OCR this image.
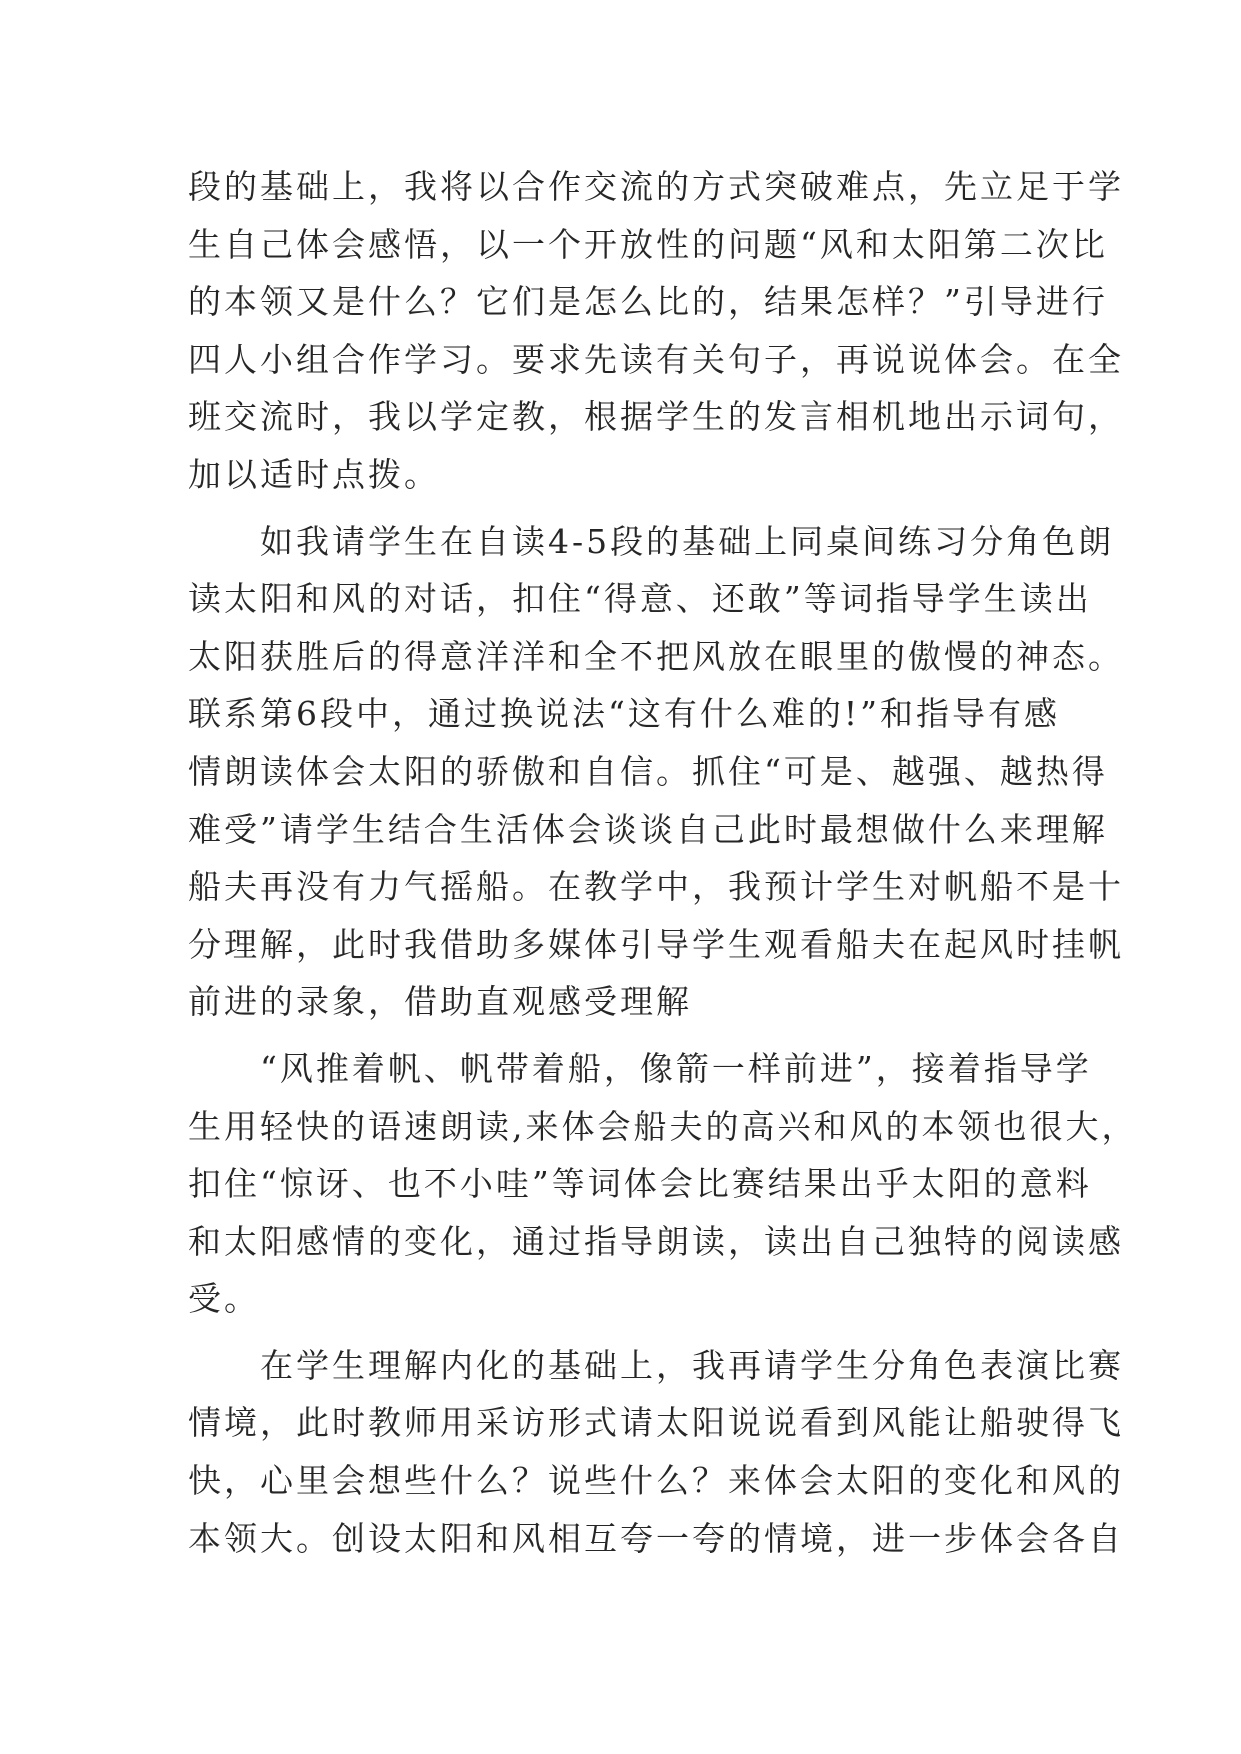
段的基础上，我将以合作交流的方式突破难点，先立足于学
生自己体会感悟，以一个开放性的问题“风和太阳第二次比
的本领又是什么？它们是怎么比的，结果怎样？”引导进行
四人小组合作学习。要求先读有关句子，再说说体会。在全
班交流时，我以学定教，根据学生的发言相机地出示词句，
加以适时点拨。
　　如我请学生在自读4-5段的基础上同桌间练习分角色朗
读太阳和风的对话，扣住“得意、还敢”等词指导学生读出
太阳获胜后的得意洋洋和全不把风放在眼里的傲慢的神态。
联系第6段中，通过换说法“这有什么难的!”和指导有感
情朗读体会太阳的骄傲和自信。抓住“可是、越强、越热得
难受”请学生结合生活体会谈谈自己此时最想做什么来理解
船夫再没有力气摇船。在教学中，我预计学生对帆船不是十
分理解，此时我借助多媒体引导学生观看船夫在起风时挂帆
前进的录象，借助直观感受理解
　　“风推着帆、帆带着船，像箭一样前进”，接着指导学
生用轻快的语速朗读,来体会船夫的高兴和风的本领也很大，
扣住“惊讶、也不小哇”等词体会比赛结果出乎太阳的意料
和太阳感情的变化，通过指导朗读，读出自己独特的阅读感
受。
　　在学生理解内化的基础上，我再请学生分角色表演比赛
情境，此时教师用采访形式请太阳说说看到风能让船驶得飞
快，心里会想些什么？说些什么？来体会太阳的变化和风的
本领大。创设太阳和风相互夸一夸的情境，进一步体会各自
